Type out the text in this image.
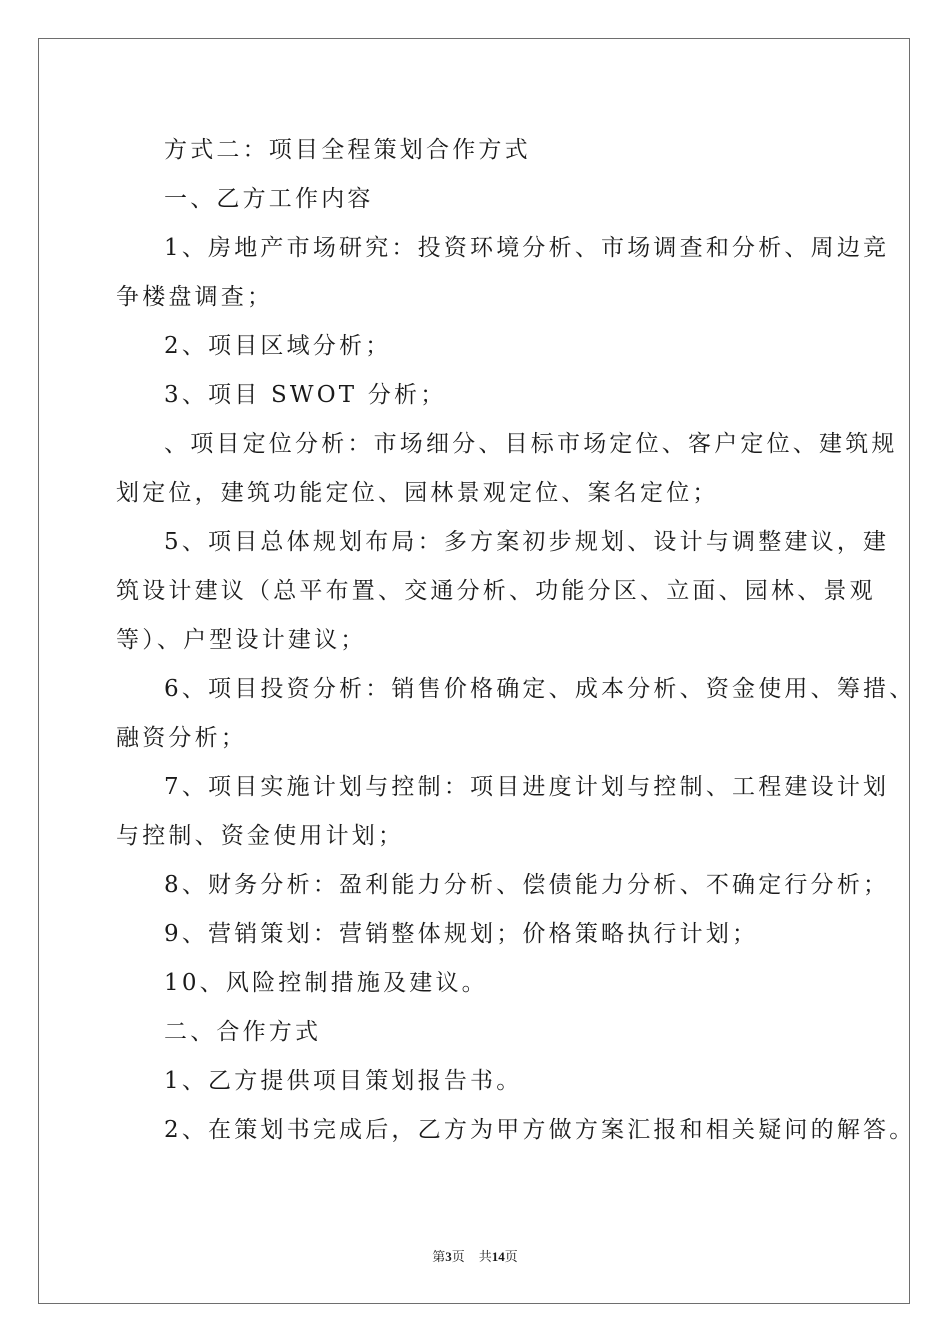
方式二：项目全程策划合作方式
一、乙方工作内容
1、房地产市场研究：投资环境分析、市场调查和分析、周边竞
争楼盘调查；
2、项目区域分析；
3、项目 SWOT 分析；
、项目定位分析：市场细分、目标市场定位、客户定位、建筑规
划定位，建筑功能定位、园林景观定位、案名定位；
5、项目总体规划布局：多方案初步规划、设计与调整建议，建
筑设计建议（总平布置、交通分析、功能分区、立面、园林、景观
等）、户型设计建议；
6、项目投资分析：销售价格确定、成本分析、资金使用、筹措、
融资分析；
7、项目实施计划与控制：项目进度计划与控制、工程建设计划
与控制、资金使用计划；
8、财务分析：盈利能力分析、偿债能力分析、不确定行分析；
9、营销策划：营销整体规划；价格策略执行计划；
10、风险控制措施及建议。
二、合作方式
1、乙方提供项目策划报告书。
2、在策划书完成后，乙方为甲方做方案汇报和相关疑问的解答。
第3页 共14页
